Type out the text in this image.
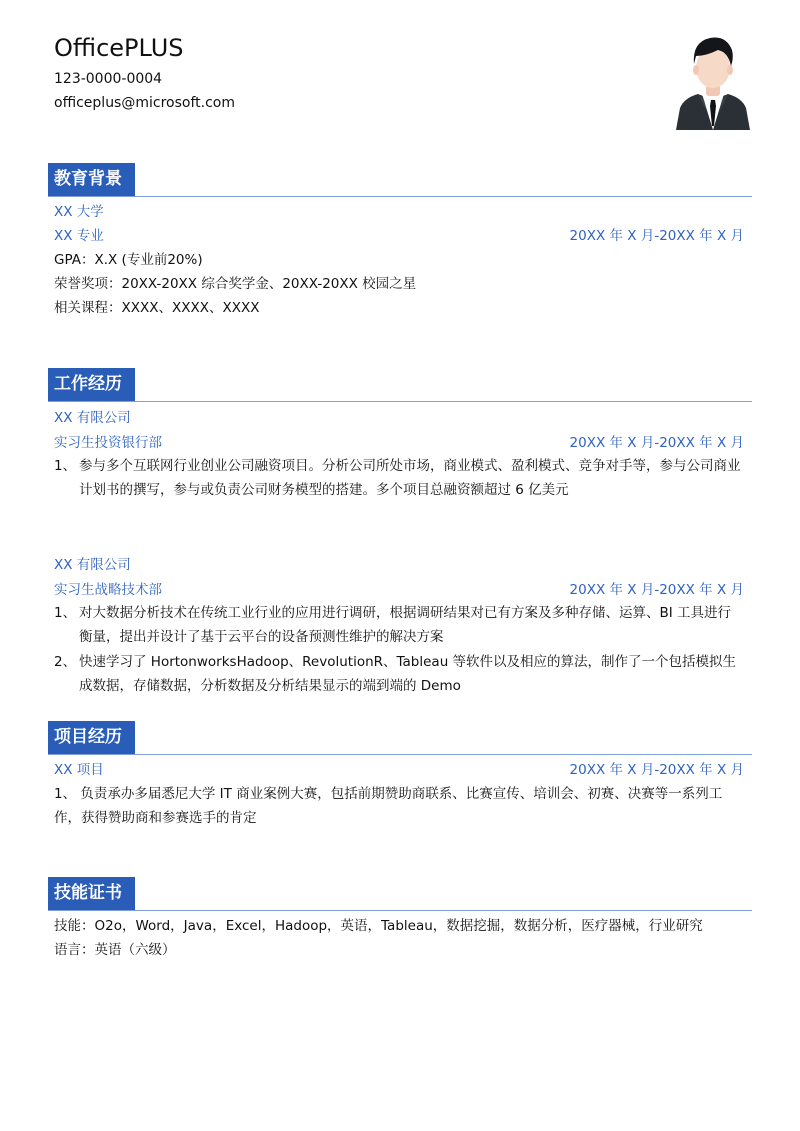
OfficePLUS
123-0000-0004
officeplus@microsoft.com
教育背景
XX 大学
XX 专业	20XX 年 X 月-20XX 年 X 月
GPA：X.X (专业前20%)
荣誉奖项：20XX-20XX 综合奖学金、20XX-20XX 校园之星
相关课程：XXXX、XXXX、XXXX
工作经历
XX 有限公司
实习生投资银行部	20XX 年 X 月-20XX 年 X 月
1、 参与多个互联网行业创业公司融资项目。分析公司所处市场，商业模式、盈利模式、竞争对手等，参与公司商业计划书的撰写，参与或负责公司财务模型的搭建。多个项目总融资额超过 6 亿美元
XX 有限公司
实习生战略技术部	20XX 年 X 月-20XX 年 X 月
1、 对大数据分析技术在传统工业行业的应用进行调研，根据调研结果对已有方案及多种存储、运算、BI 工具进行衡量，提出并设计了基于云平台的设备预测性维护的解决方案
2、 快速学习了 HortonworksHadoop、RevolutionR、Tableau 等软件以及相应的算法，制作了一个包括模拟生成数据，存储数据，分析数据及分析结果显示的端到端的 Demo
项目经历
XX 项目	20XX 年 X 月-20XX 年 X 月
1、 负责承办多届悉尼大学 IT 商业案例大赛，包括前期赞助商联系、比赛宣传、培训会、初赛、决赛等一系列工作，获得赞助商和参赛选手的肯定
技能证书
技能：O2o，Word，Java，Excel，Hadoop，英语，Tableau，数据挖掘，数据分析，医疗器械，行业研究
语言：英语（六级）
